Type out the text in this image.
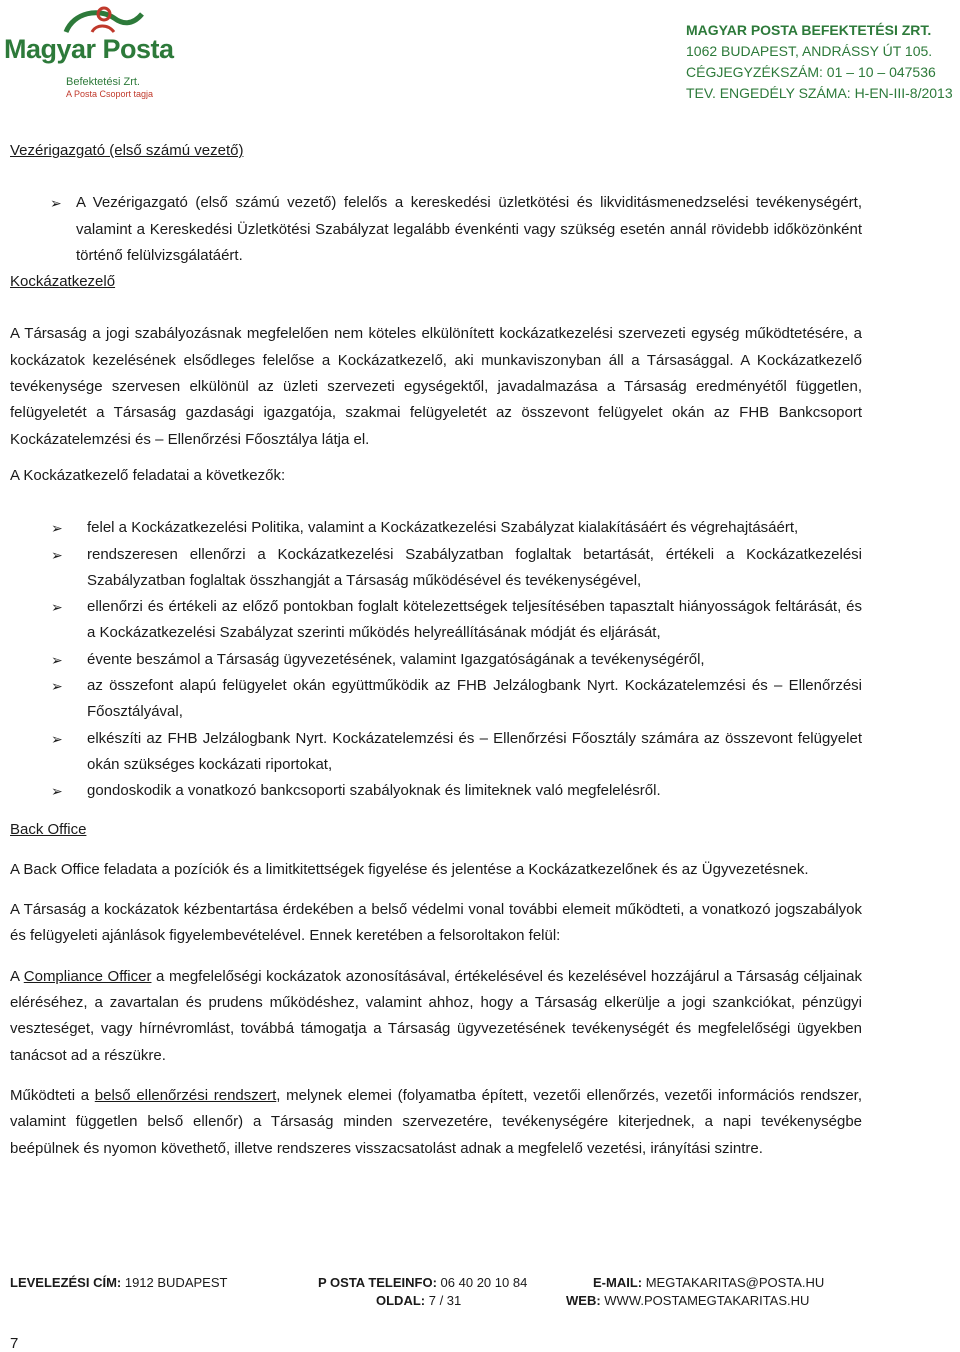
Magyar Posta
Befektetési Zrt.
A Posta Csoport tagja
MAGYAR POSTA BEFEKTETÉSI ZRT.
1062 BUDAPEST, ANDRÁSSY ÚT 105.
CÉGJEGYZÉKSZÁM: 01 – 10 – 047536
TEV. ENGEDÉLY SZÁMA: H-EN-III-8/2013
Vezérigazgató (első számú vezető)
➢ A Vezérigazgató (első számú vezető) felelős a kereskedési üzletkötési és likviditásmenedzselési tevékenységért, valamint a Kereskedési Üzletkötési Szabályzat legalább évenkénti vagy szükség esetén annál rövidebb időközönként történő felülvizsgálatáért.
Kockázatkezelő

A Társaság a jogi szabályozásnak megfelelően nem köteles elkülönített kockázatkezelési szervezeti egység működtetésére, a kockázatok kezelésének elsődleges felelőse a Kockázatkezelő, aki munkaviszonyban áll a Társasággal. A Kockázatkezelő tevékenysége szervesen elkülönül az üzleti szervezeti egységektől, javadalmazása a Társaság eredményétől független, felügyeletét a Társaság gazdasági igazgatója, szakmai felügyeletét az összevont felügyelet okán az FHB Bankcsoport Kockázatelemzési és – Ellenőrzési Főosztálya látja el.

A Kockázatkezelő feladatai a következők:

➢ felel a Kockázatkezelési Politika, valamint a Kockázatkezelési Szabályzat kialakításáért és végrehajtásáért,
➢ rendszeresen ellenőrzi a Kockázatkezelési Szabályzatban foglaltak betartását, értékeli a Kockázatkezelési Szabályzatban foglaltak összhangját a Társaság működésével és tevékenységével,
➢ ellenőrzi és értékeli az előző pontokban foglalt kötelezettségek teljesítésében tapasztalt hiányosságok feltárását, és a Kockázatkezelési Szabályzat szerinti működés helyreállításának módját és eljárását,
➢ évente beszámol a Társaság ügyvezetésének, valamint Igazgatóságának a tevékenységéről,
➢ az összefont alapú felügyelet okán együttműködik az FHB Jelzálogbank Nyrt. Kockázatelemzési és – Ellenőrzési Főosztályával,
➢ elkészíti az FHB Jelzálogbank Nyrt. Kockázatelemzési és – Ellenőrzési Főosztály számára az összevont felügyelet okán szükséges kockázati riportokat,
➢ gondoskodik a vonatkozó bankcsoporti szabályoknak és limiteknek való megfelelésről.
Back Office

A Back Office feladata a pozíciók és a limitkitettségek figyelése és jelentése a Kockázatkezelőnek és az Ügyvezetésnek.

A Társaság a kockázatok kézbentartása érdekében a belső védelmi vonal további elemeit működteti, a vonatkozó jogszabályok és felügyeleti ajánlások figyelembevételével. Ennek keretében a felsoroltakon felül:

A Compliance Officer a megfelelőségi kockázatok azonosításával, értékelésével és kezelésével hozzájárul a Társaság céljainak eléréséhez, a zavartalan és prudens működéshez, valamint ahhoz, hogy a Társaság elkerülje a jogi szankciókat, pénzügyi veszteséget, vagy hírnévromlást, továbbá támogatja a Társaság ügyvezetésének tevékenységét és megfelelőségi ügyekben tanácsot ad a részükre.

Működteti a belső ellenőrzési rendszert, melynek elemei (folyamatba épített, vezetői ellenőrzés, vezetői információs rendszer, valamint független belső ellenőr) a Társaság minden szervezetére, tevékenységére kiterjednek, a napi tevékenységbe beépülnek és nyomon követhető, illetve rendszeres visszacsatolást adnak a megfelelő vezetési, irányítási szintre.

LEVELEZÉSI CÍM: 1912 BUDAPEST	P OSTA TELEINFO: 06 40 20 10 84	E-MAIL: MEGTAKARITAS@POSTA.HU
OLDAL: 7 / 31	WEB: WWW.POSTAMEGTAKARITAS.HU
7
